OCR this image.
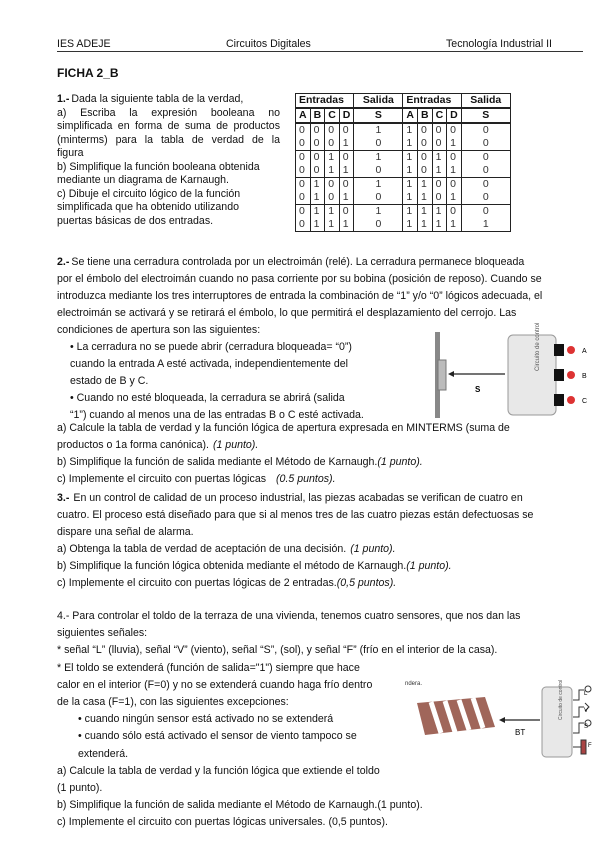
IES ADEJE	Circuitos Digitales	Tecnología Industrial II
FICHA 2_B
1.- Dada la siguiente tabla de la verdad,
a) Escriba la expresión booleana no
simplificada en forma de suma de productos
(minterms) para la tabla de verdad de la
figura
b) Simplifique la función booleana obtenida
mediante un diagrama de Karnaugh.
c) Dibuje el circuito lógico de la función
simplificada que ha obtenido utilizando
puertas básicas de dos entradas.
Entradas				Salida	Entradas				Salida
A	B	C	D	S	A	B	C	D	S
0	0	0	0	1	1	0	0	0	0
0	0	0	1	0	1	0	0	1	0
0	0	1	0	1	1	0	1	0	0
0	0	1	1	0	1	0	1	1	0
0	1	0	0	1	1	1	0	0	0
0	1	0	1	0	1	1	0	1	0
0	1	1	0	1	1	1	1	0	0
0	1	1	1	0	1	1	1	1	1
2.- Se tiene una cerradura controlada por un electroimán (relé). La cerradura permanece bloqueada
por el émbolo del electroimán cuando no pasa corriente por su bobina (posición de reposo). Cuando se
introduzca mediante los tres interruptores de entrada la combinación de “1” y/o “0” lógicos adecuada, el
electroimán se activará y se retirará el émbolo, lo que permitirá el desplazamiento del cerrojo. Las
condiciones de apertura son las siguientes:
• La cerradura no se puede abrir (cerradura bloqueada= “0”)
cuando la entrada A esté activada, independientemente del
estado de B y C.
• Cuando no esté bloqueada, la cerradura se abrirá (salida
“1”) cuando al menos una de las entradas B o C esté activada.
a) Calcule la tabla de verdad y la función lógica de apertura expresada en MINTERMS (suma de
productos o 1a forma canónica). (1 punto).
b) Simplifique la función de salida mediante el Método de Karnaugh.(1 punto).
c) Implemente el circuito con puertas lógicas (0.5 puntos).
S
Circuito de control	A
B
C
3.- En un control de calidad de un proceso industrial, las piezas acabadas se verifican de cuatro en
cuatro. El proceso está diseñado para que si al menos tres de las cuatro piezas están defectuosas se
dispare una señal de alarma.
a) Obtenga la tabla de verdad de aceptación de una decisión. (1 punto).
b) Simplifique la función lógica obtenida mediante el método de Karnaugh.(1 punto).
c) Implemente el circuito con puertas lógicas de 2 entradas.(0,5 puntos).
4.- Para controlar el toldo de la terraza de una vivienda, tenemos cuatro sensores, que nos dan las
siguientes señales:
* señal “L” (lluvia), señal “V” (viento), señal “S”, (sol), y señal “F” (frío en el interior de la casa).
* El toldo se extenderá (función de salida="1") siempre que hace
calor en el interior (F=0) y no se extenderá cuando haga frío dentro
de la casa (F=1), con las siguientes excepciones:
• cuando ningún sensor está activado no se extenderá
• cuando sólo está activado el sensor de viento tampoco se
extenderá.
a) Calcule la tabla de verdad y la función lógica que extiende el toldo
(1 punto).
b) Simplifique la función de salida mediante el Método de Karnaugh.(1 punto).
c) Implemente el circuito con puertas lógicas universales. (0,5 puntos).
ndera.
BT
Circuito de control	L
V
S
F
